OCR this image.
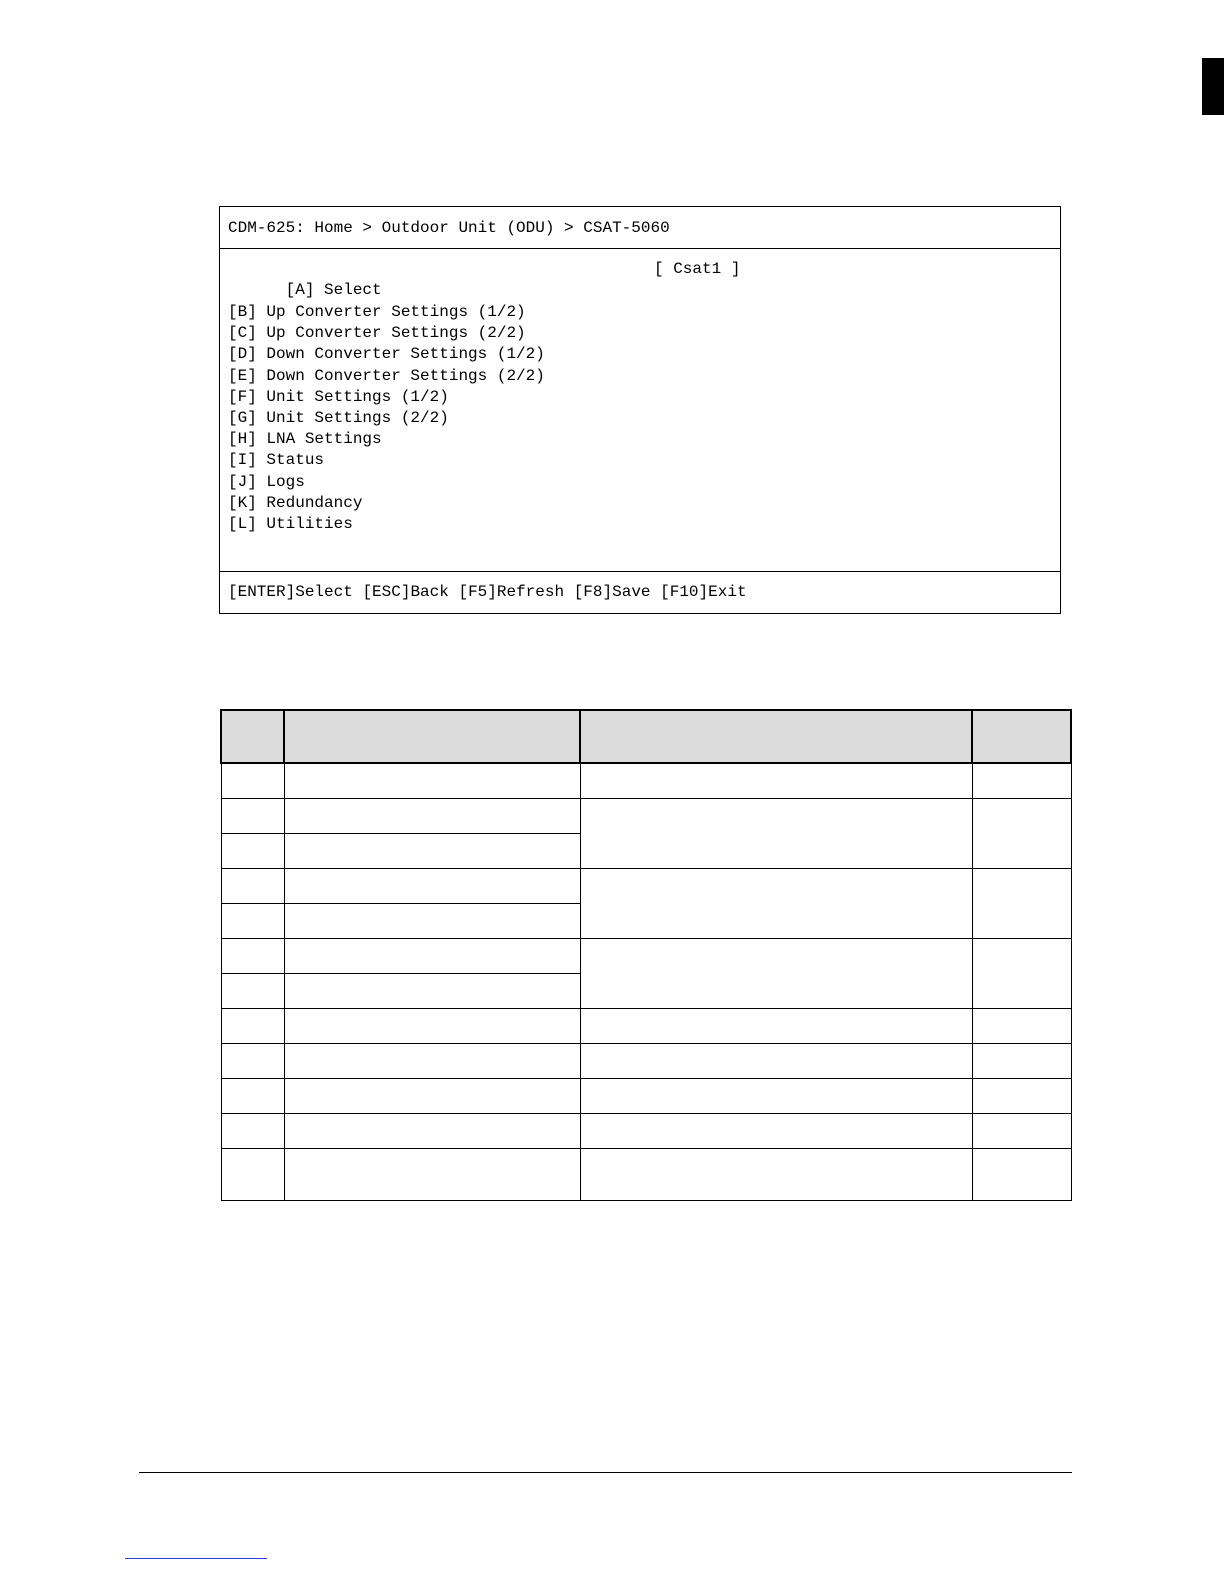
CDM-625: Home > Outdoor Unit (ODU) > CSAT-5060

[A] Select

[ Csat1 ]

[B] Up Converter Settings (1/2)
[C] Up Converter Settings (2/2)
[D] Down Converter Settings (1/2)
[E] Down Converter Settings (2/2)
[F] Unit Settings (1/2)
[G] Unit Settings (2/2)
[H] LNA Settings
[I] Status
[J] Logs
[K] Redundancy
[L] Utilities
[ENTER]Select [ESC]Back [F5]Refresh [F8]Save [F10]Exit
